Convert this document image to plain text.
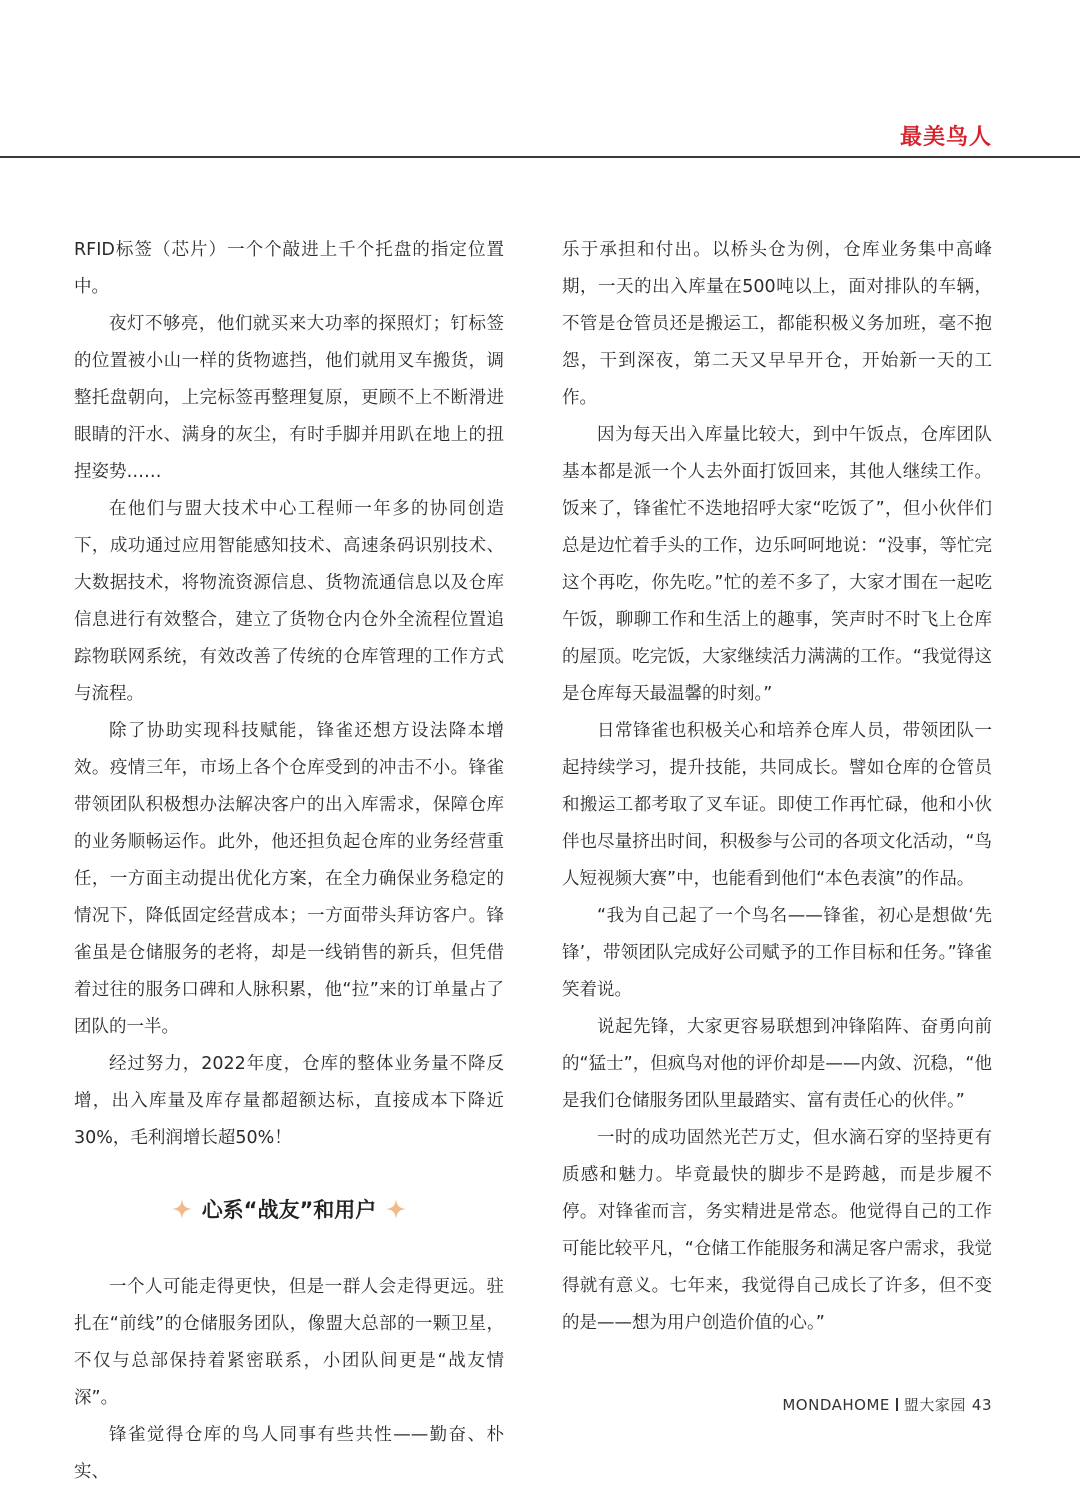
最美鸟人

RFID标签（芯片）一个个敲进上千个托盘的指定位置中。

夜灯不够亮，他们就买来大功率的探照灯；钉标签的位置被小山一样的货物遮挡，他们就用叉车搬货，调整托盘朝向，上完标签再整理复原，更顾不上不断滑进眼睛的汗水、满身的灰尘，有时手脚并用趴在地上的扭捏姿势……

在他们与盟大技术中心工程师一年多的协同创造下，成功通过应用智能感知技术、高速条码识别技术、大数据技术，将物流资源信息、货物流通信息以及仓库信息进行有效整合，建立了货物仓内仓外全流程位置追踪物联网系统，有效改善了传统的仓库管理的工作方式与流程。

除了协助实现科技赋能，锋雀还想方设法降本增效。疫情三年，市场上各个仓库受到的冲击不小。锋雀带领团队积极想办法解决客户的出入库需求，保障仓库的业务顺畅运作。此外，他还担负起仓库的业务经营重任，一方面主动提出优化方案，在全力确保业务稳定的情况下，降低固定经营成本；一方面带头拜访客户。锋雀虽是仓储服务的老将，却是一线销售的新兵，但凭借着过往的服务口碑和人脉积累，他“拉”来的订单量占了团队的一半。

经过努力，2022年度，仓库的整体业务量不降反增，出入库量及库存量都超额达标，直接成本下降近30%，毛利润增长超50%！

心系“战友”和用户

一个人可能走得更快，但是一群人会走得更远。驻扎在“前线”的仓储服务团队，像盟大总部的一颗卫星，不仅与总部保持着紧密联系，小团队间更是“战友情深”。

锋雀觉得仓库的鸟人同事有些共性——勤奋、朴实、

乐于承担和付出。以桥头仓为例，仓库业务集中高峰期，一天的出入库量在500吨以上，面对排队的车辆，不管是仓管员还是搬运工，都能积极义务加班，毫不抱怨，干到深夜，第二天又早早开仓，开始新一天的工作。

因为每天出入库量比较大，到中午饭点，仓库团队基本都是派一个人去外面打饭回来，其他人继续工作。饭来了，锋雀忙不迭地招呼大家“吃饭了”，但小伙伴们总是边忙着手头的工作，边乐呵呵地说：“没事，等忙完这个再吃，你先吃。”忙的差不多了，大家才围在一起吃午饭，聊聊工作和生活上的趣事，笑声时不时飞上仓库的屋顶。吃完饭，大家继续活力满满的工作。“我觉得这是仓库每天最温馨的时刻。”

日常锋雀也积极关心和培养仓库人员，带领团队一起持续学习，提升技能，共同成长。譬如仓库的仓管员和搬运工都考取了叉车证。即使工作再忙碌，他和小伙伴也尽量挤出时间，积极参与公司的各项文化活动，“鸟人短视频大赛”中，也能看到他们“本色表演”的作品。

“我为自己起了一个鸟名——锋雀，初心是想做‘先锋’，带领团队完成好公司赋予的工作目标和任务。”锋雀笑着说。

说起先锋，大家更容易联想到冲锋陷阵、奋勇向前的“猛士”，但疯鸟对他的评价却是——内敛、沉稳，“他是我们仓储服务团队里最踏实、富有责任心的伙伴。”

一时的成功固然光芒万丈，但水滴石穿的坚持更有质感和魅力。毕竟最快的脚步不是跨越，而是步履不停。对锋雀而言，务实精进是常态。他觉得自己的工作可能比较平凡，“仓储工作能服务和满足客户需求，我觉得就有意义。七年来，我觉得自己成长了许多，但不变的是——想为用户创造价值的心。”

MONDAHOME 盟大家园 43
